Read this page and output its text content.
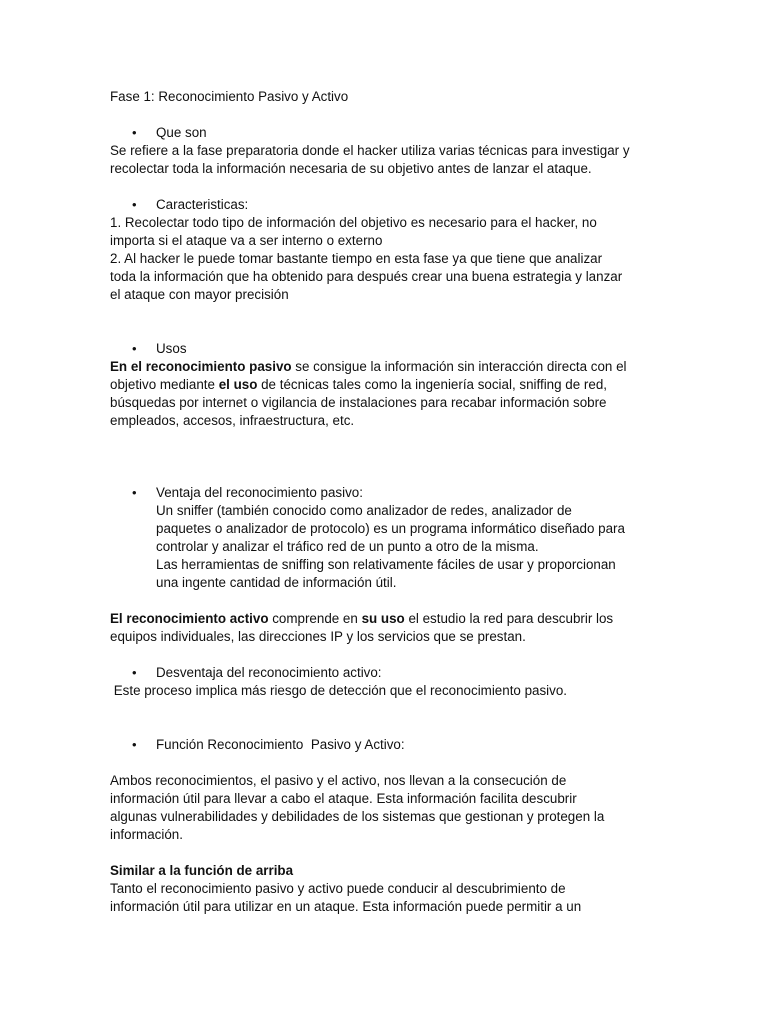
Fase 1: Reconocimiento Pasivo y Activo

• Que son

Se refiere a la fase preparatoria donde el hacker utiliza varias técnicas para investigar y

recolectar toda la información necesaria de su objetivo antes de lanzar el ataque.

• Caracteristicas:

1. Recolectar todo tipo de información del objetivo es necesario para el hacker, no

importa si el ataque va a ser interno o externo

2. Al hacker le puede tomar bastante tiempo en esta fase ya que tiene que analizar

toda la información que ha obtenido para después crear una buena estrategia y lanzar

el ataque con mayor precisión

• Usos

En el reconocimiento pasivo se consigue la información sin interacción directa con el

objetivo mediante el uso de técnicas tales como la ingeniería social, sniffing de red,

búsquedas por internet o vigilancia de instalaciones para recabar información sobre

empleados, accesos, infraestructura, etc.

• Ventaja del reconocimiento pasivo:

Un sniffer (también conocido como analizador de redes, analizador de

paquetes o analizador de protocolo) es un programa informático diseñado para

controlar y analizar el tráfico red de un punto a otro de la misma.

Las herramientas de sniffing son relativamente fáciles de usar y proporcionan

una ingente cantidad de información útil.

El reconocimiento activo comprende en su uso el estudio la red para descubrir los

equipos individuales, las direcciones IP y los servicios que se prestan.

• Desventaja del reconocimiento activo:

Este proceso implica más riesgo de detección que el reconocimiento pasivo.

• Función Reconocimiento  Pasivo y Activo:

Ambos reconocimientos, el pasivo y el activo, nos llevan a la consecución de

información útil para llevar a cabo el ataque. Esta información facilita descubrir

algunas vulnerabilidades y debilidades de los sistemas que gestionan y protegen la

información.

Similar a la función de arriba

Tanto el reconocimiento pasivo y activo puede conducir al descubrimiento de

información útil para utilizar en un ataque. Esta información puede permitir a un
